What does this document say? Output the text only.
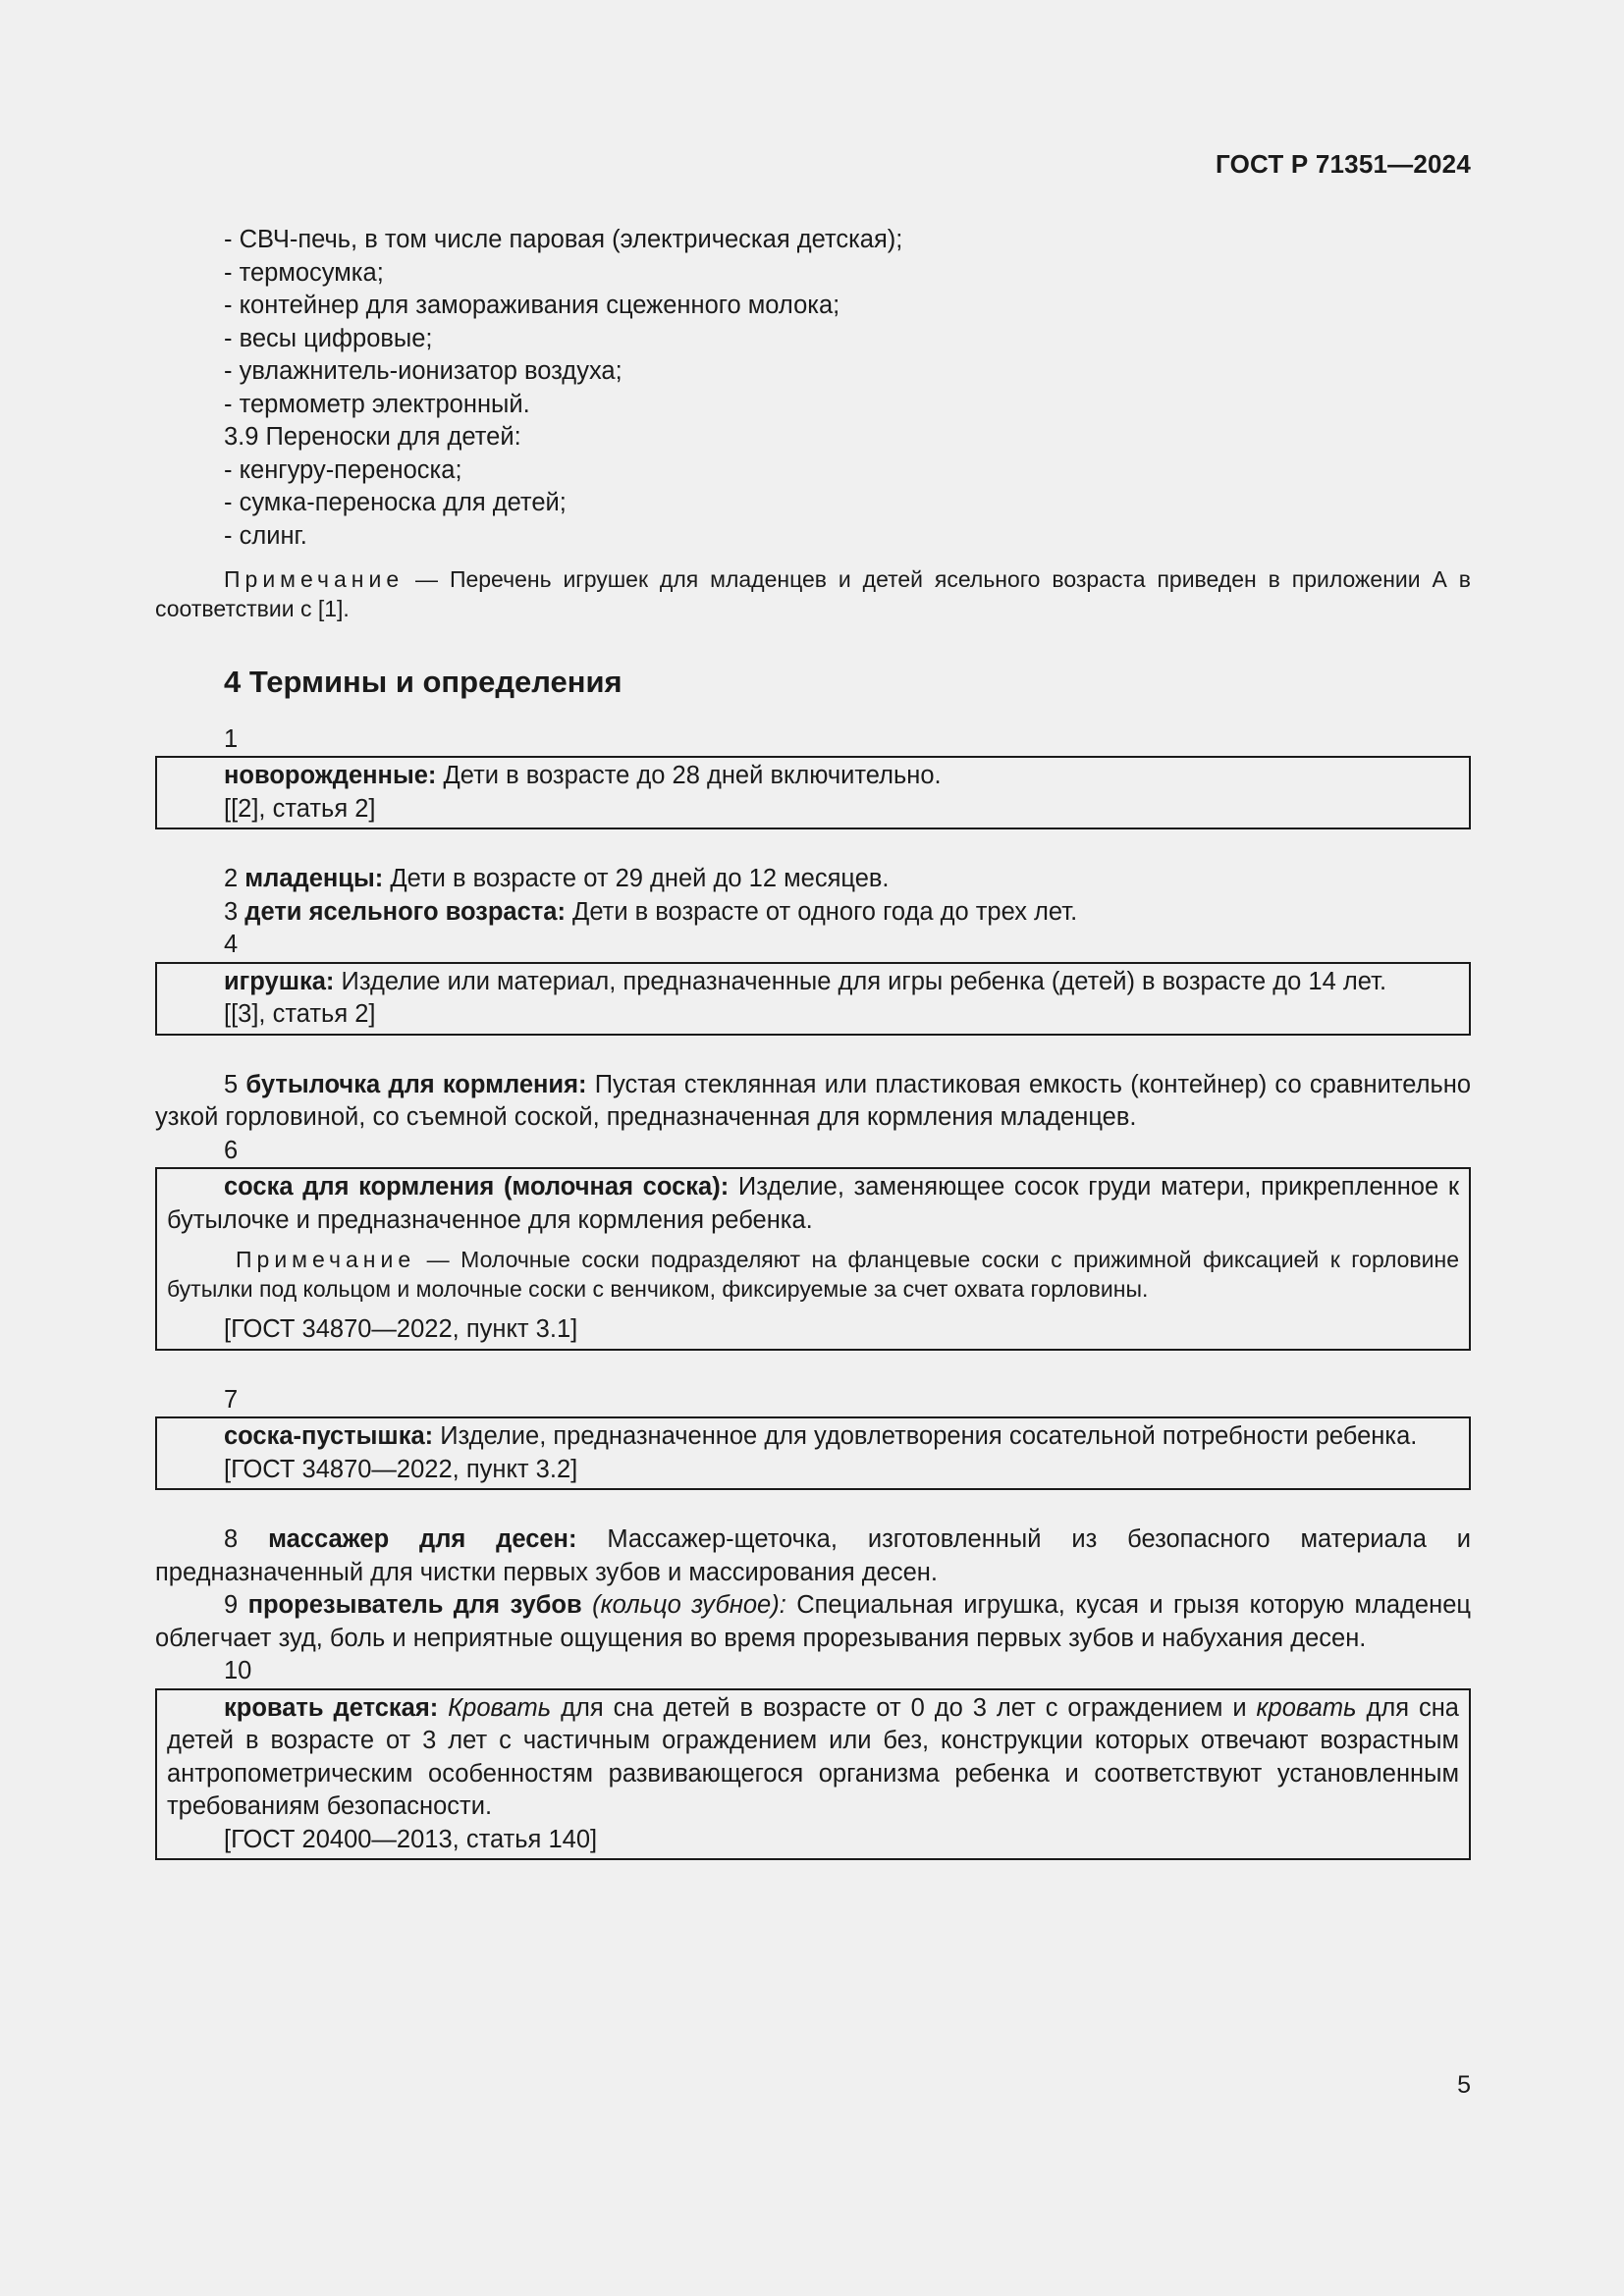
ГОСТ Р 71351—2024
- СВЧ-печь, в том числе паровая (электрическая детская);
- термосумка;
- контейнер для замораживания сцеженного молока;
- весы цифровые;
- увлажнитель-ионизатор воздуха;
- термометр электронный.
3.9 Переноски для детей:
- кенгуру-переноска;
- сумка-переноска для детей;
- слинг.
Примечание — Перечень игрушек для младенцев и детей ясельного возраста приведен в приложении А в соответствии с [1].
4 Термины и определения
1
новорожденные: Дети в возрасте до 28 дней включительно.
[[2], статья 2]
2 младенцы: Дети в возрасте от 29 дней до 12 месяцев.
3 дети ясельного возраста: Дети в возрасте от одного года до трех лет.
4
игрушка: Изделие или материал, предназначенные для игры ребенка (детей) в возрасте до 14 лет.
[[3], статья 2]
5 бутылочка для кормления: Пустая стеклянная или пластиковая емкость (контейнер) со сравнительно узкой горловиной, со съемной соской, предназначенная для кормления младенцев.
6
соска для кормления (молочная соска): Изделие, заменяющее сосок груди матери, прикрепленное к бутылочке и предназначенное для кормления ребенка.
Примечание — Молочные соски подразделяют на фланцевые соски с прижимной фиксацией к горловине бутылки под кольцом и молочные соски с венчиком, фиксируемые за счет охвата горловины.
[ГОСТ 34870—2022, пункт 3.1]
7
соска-пустышка: Изделие, предназначенное для удовлетворения сосательной потребности ребенка.
[ГОСТ 34870—2022, пункт 3.2]
8 массажер для десен: Массажер-щеточка, изготовленный из безопасного материала и предназначенный для чистки первых зубов и массирования десен.
9 прорезыватель для зубов (кольцо зубное): Специальная игрушка, кусая и грызя которую младенец облегчает зуд, боль и неприятные ощущения во время прорезывания первых зубов и набухания десен.
10
кровать детская: Кровать для сна детей в возрасте от 0 до 3 лет с ограждением и кровать для сна детей в возрасте от 3 лет с частичным ограждением или без, конструкции которых отвечают возрастным антропометрическим особенностям развивающегося организма ребенка и соответствуют установленным требованиям безопасности.
[ГОСТ 20400—2013, статья 140]
5
